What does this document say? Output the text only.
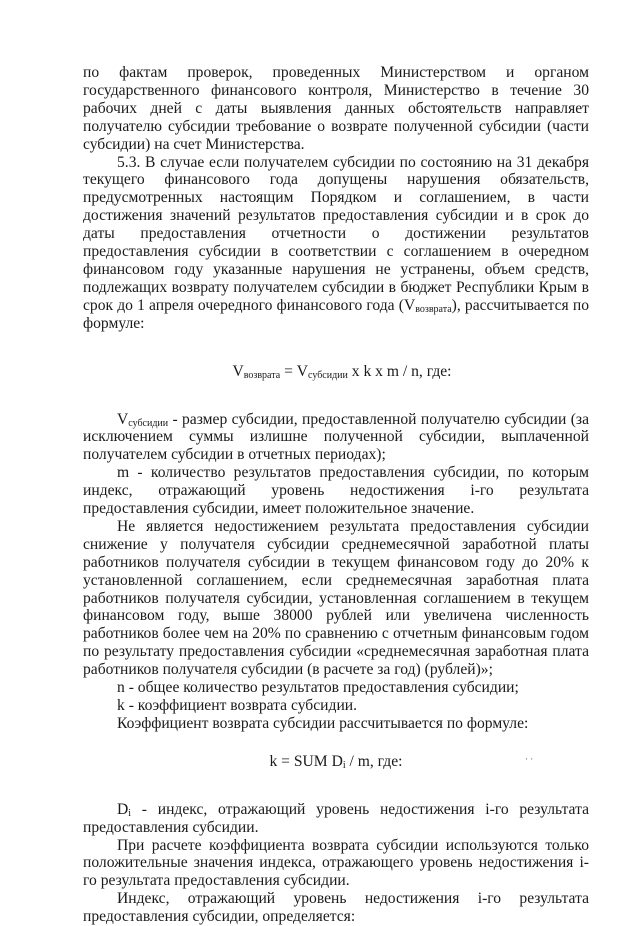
по фактам проверок, проведенных Министерством и органом государственного финансового контроля, Министерство в течение 30 рабочих дней с даты выявления данных обстоятельств направляет получателю субсидии требование о возврате полученной субсидии (части субсидии) на счет Министерства.

5.3. В случае если получателем субсидии по состоянию на 31 декабря текущего финансового года допущены нарушения обязательств, предусмотренных настоящим Порядком и соглашением, в части достижения значений результатов предоставления субсидии и в срок до даты предоставления отчетности о достижении результатов предоставления субсидии в соответствии с соглашением в очередном финансовом году указанные нарушения не устранены, объем средств, подлежащих возврату получателем субсидии в бюджет Республики Крым в срок до 1 апреля очередного финансового года $(V_{возврата})$, рассчитывается по формуле:

$V_{возврата} = V_{субсидии}$ x k x m / n, где:

$V_{субсидии}$ - размер субсидии, предоставленной получателю субсидии (за исключением суммы излишне полученной субсидии, выплаченной получателем субсидии в отчетных периодах);

m - количество результатов предоставления субсидии, по которым индекс, отражающий уровень недостижения i-го результата предоставления субсидии, имеет положительное значение.

Не является недостижением результата предоставления субсидии снижение у получателя субсидии среднемесячной заработной платы работников получателя субсидии в текущем финансовом году до 20% к установленной соглашением, если среднемесячная заработная плата работников получателя субсидии, установленная соглашением в текущем финансовом году, выше 38000 рублей или увеличена численность работников более чем на 20% по сравнению с отчетным финансовым годом по результату предоставления субсидии «среднемесячная заработная плата работников получателя субсидии (в расчете за год) (рублей)»;

n - общее количество результатов предоставления субсидии;

k - коэффициент возврата субсидии.

Коэффициент возврата субсидии рассчитывается по формуле:

k = SUM $D_i$ / m, где:

$D_i$ - индекс, отражающий уровень недостижения i-го результата предоставления субсидии.

При расчете коэффициента возврата субсидии используются только положительные значения индекса, отражающего уровень недостижения i-го результата предоставления субсидии.

Индекс, отражающий уровень недостижения i-го результата предоставления субсидии, определяется:

· ·
